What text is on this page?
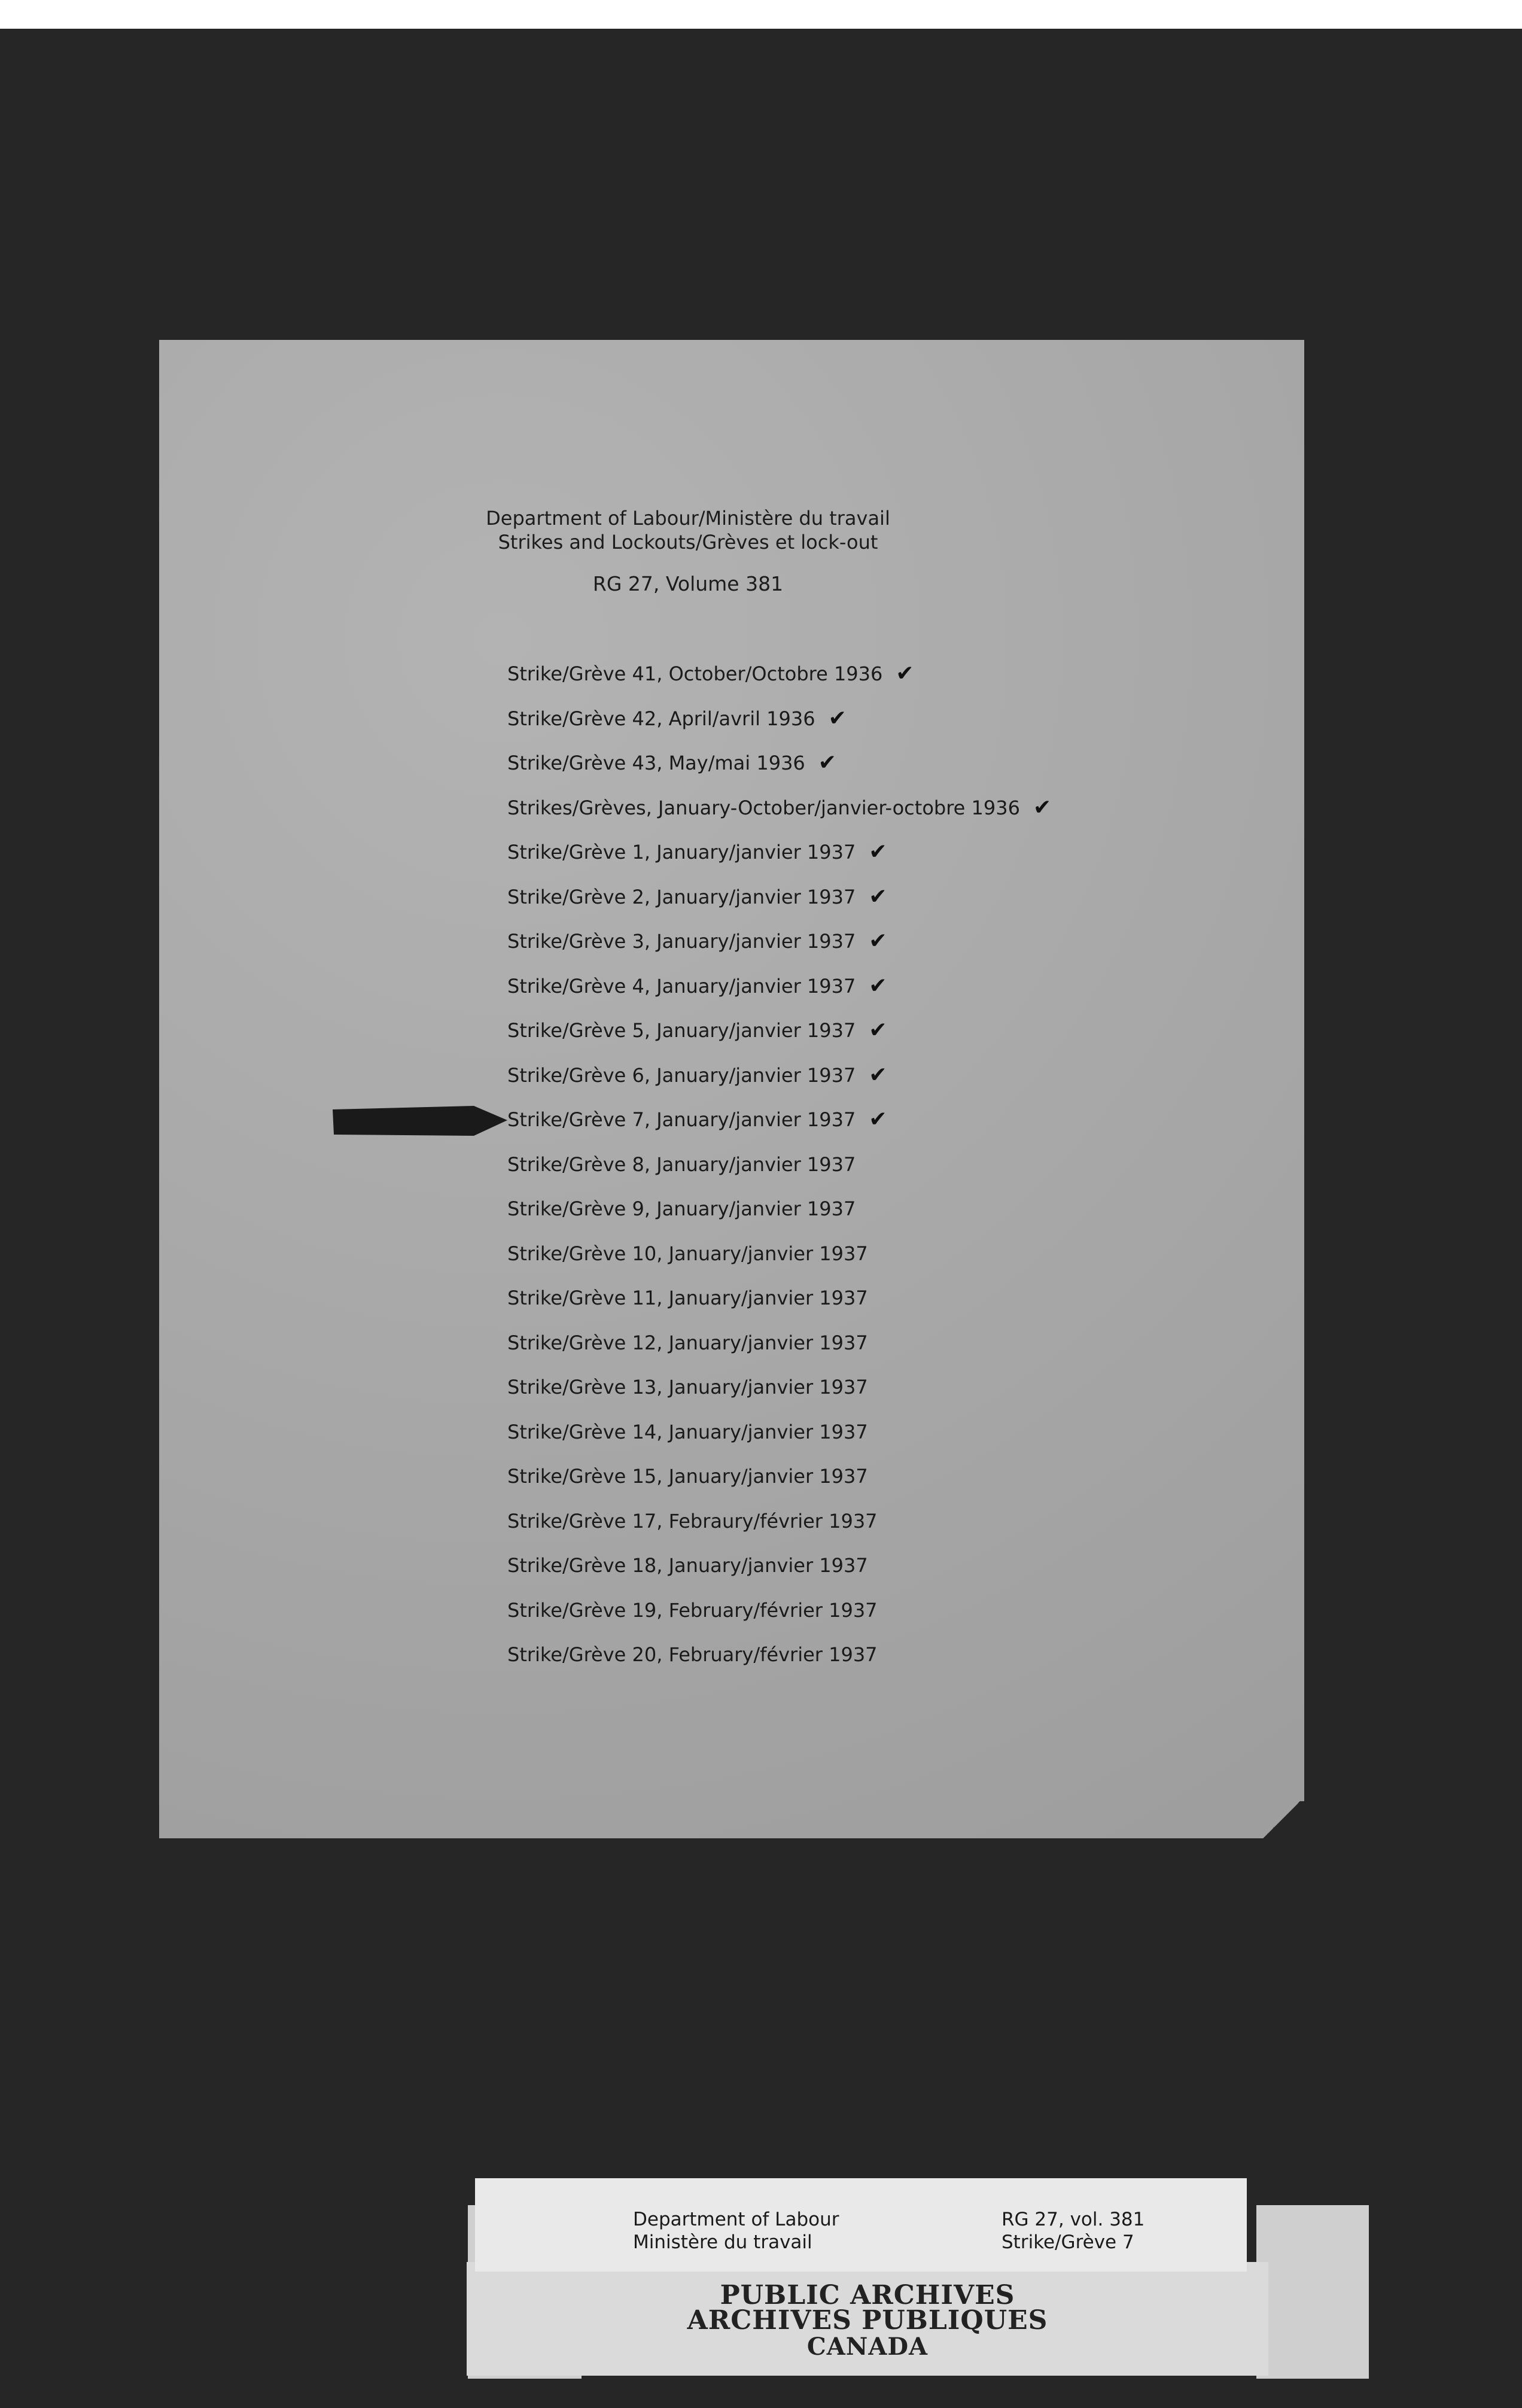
Department of Labour/Ministère du travail
Strikes and Lockouts/Grèves et lock-out
RG 27, Volume 381
Strike/Grève 41, October/Octobre 1936 ✔
Strike/Grève 42, April/avril 1936 ✔
Strike/Grève 43, May/mai 1936 ✔
Strikes/Grèves, January-October/janvier-octobre 1936 ✔
Strike/Grève 1, January/janvier 1937 ✔
Strike/Grève 2, January/janvier 1937 ✔
Strike/Grève 3, January/janvier 1937 ✔
Strike/Grève 4, January/janvier 1937 ✔
Strike/Grève 5, January/janvier 1937 ✔
Strike/Grève 6, January/janvier 1937 ✔
Strike/Grève 7, January/janvier 1937 ✔
Strike/Grève 8, January/janvier 1937
Strike/Grève 9, January/janvier 1937
Strike/Grève 10, January/janvier 1937
Strike/Grève 11, January/janvier 1937
Strike/Grève 12, January/janvier 1937
Strike/Grève 13, January/janvier 1937
Strike/Grève 14, January/janvier 1937
Strike/Grève 15, January/janvier 1937
Strike/Grève 17, Febraury/février 1937
Strike/Grève 18, January/janvier 1937
Strike/Grève 19, February/février 1937
Strike/Grève 20, February/février 1937
PUBLIC ARCHIVES
ARCHIVES PUBLIQUES
CANADA
Department of Labour
Ministère du travail
RG 27, vol. 381
Strike/Grève 7
